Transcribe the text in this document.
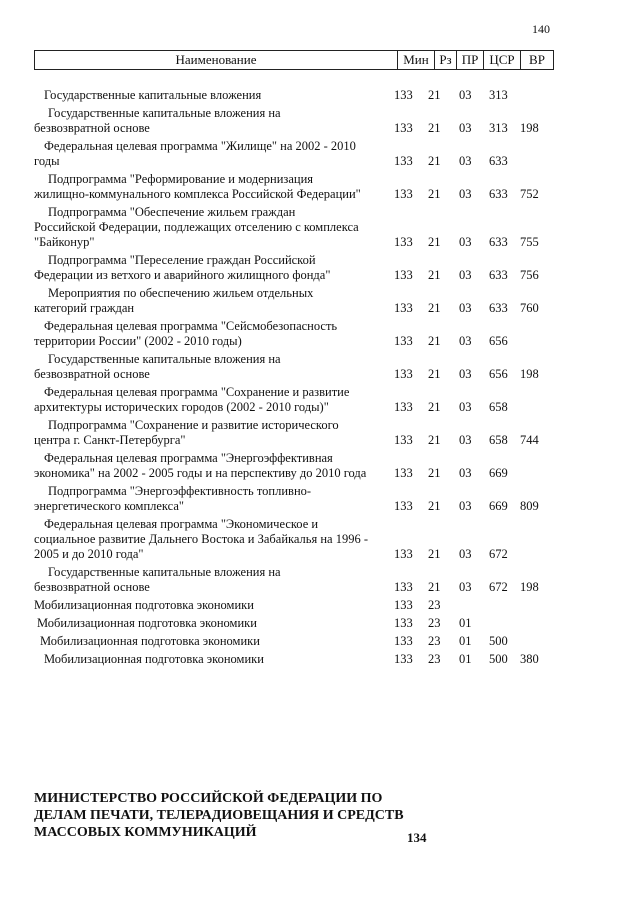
140
Наименование	Мин Рз ПР ЦСР	ВР
Государственные капитальные вложения	133	21	03	313
Государственные капитальные вложения на
безвозвратной основе	133	21	03	313 198
Федеральная целевая программа "Жилище" на 2002 - 2010
годы	133	21	03	633
Подпрограмма "Реформирование и модернизация
жилищно-коммунального комплекса Российской Федерации"	133	21	03	633 752
Подпрограмма "Обеспечение жильем граждан
Российской Федерации, подлежащих отселению с комплекса "Байконур"	133	21	03	633 755
Подпрограмма "Переселение граждан Российской
Федерации из ветхого и аварийного жилищного фонда"	133	21	03	633 756
Мероприятия по обеспечению жильем отдельных
категорий граждан	133	21	03	633 760
Федеральная целевая программа "Сейсмобезопасность
территории России" (2002 - 2010 годы)	133	21	03	656
Государственные капитальные вложения на
безвозвратной основе	133	21	03	656 198
Федеральная целевая программа "Сохранение и развитие
архитектуры исторических городов (2002 - 2010 годы)"	133	21	03	658
Подпрограмма "Сохранение и развитие исторического
центра г. Санкт-Петербурга"	133	21	03	658 744
Федеральная целевая программа "Энергоэффективная
экономика" на 2002 - 2005 годы и на перспективу до 2010 года	133	21	03	669
Подпрограмма "Энергоэффективность топливно-
энергетического комплекса"	133	21	03	669 809
Федеральная целевая программа "Экономическое и
социальное развитие Дальнего Востока и Забайкалья на 1996 - 2005 и до 2010 года"	133	21	03	672
Государственные капитальные вложения на
безвозвратной основе	133	21	03	672 198
Мобилизационная подготовка экономики	133	23
Мобилизационная подготовка экономики	133	23	01
Мобилизационная подготовка экономики	133	23	01	500
Мобилизационная подготовка экономики	133	23	01	500 380
МИНИСТЕРСТВО РОССИЙСКОЙ ФЕДЕРАЦИИ ПО ДЕЛАМ ПЕЧАТИ, ТЕЛЕРАДИОВЕЩАНИЯ И СРЕДСТВ МАССОВЫХ КОММУНИКАЦИЙ	134
